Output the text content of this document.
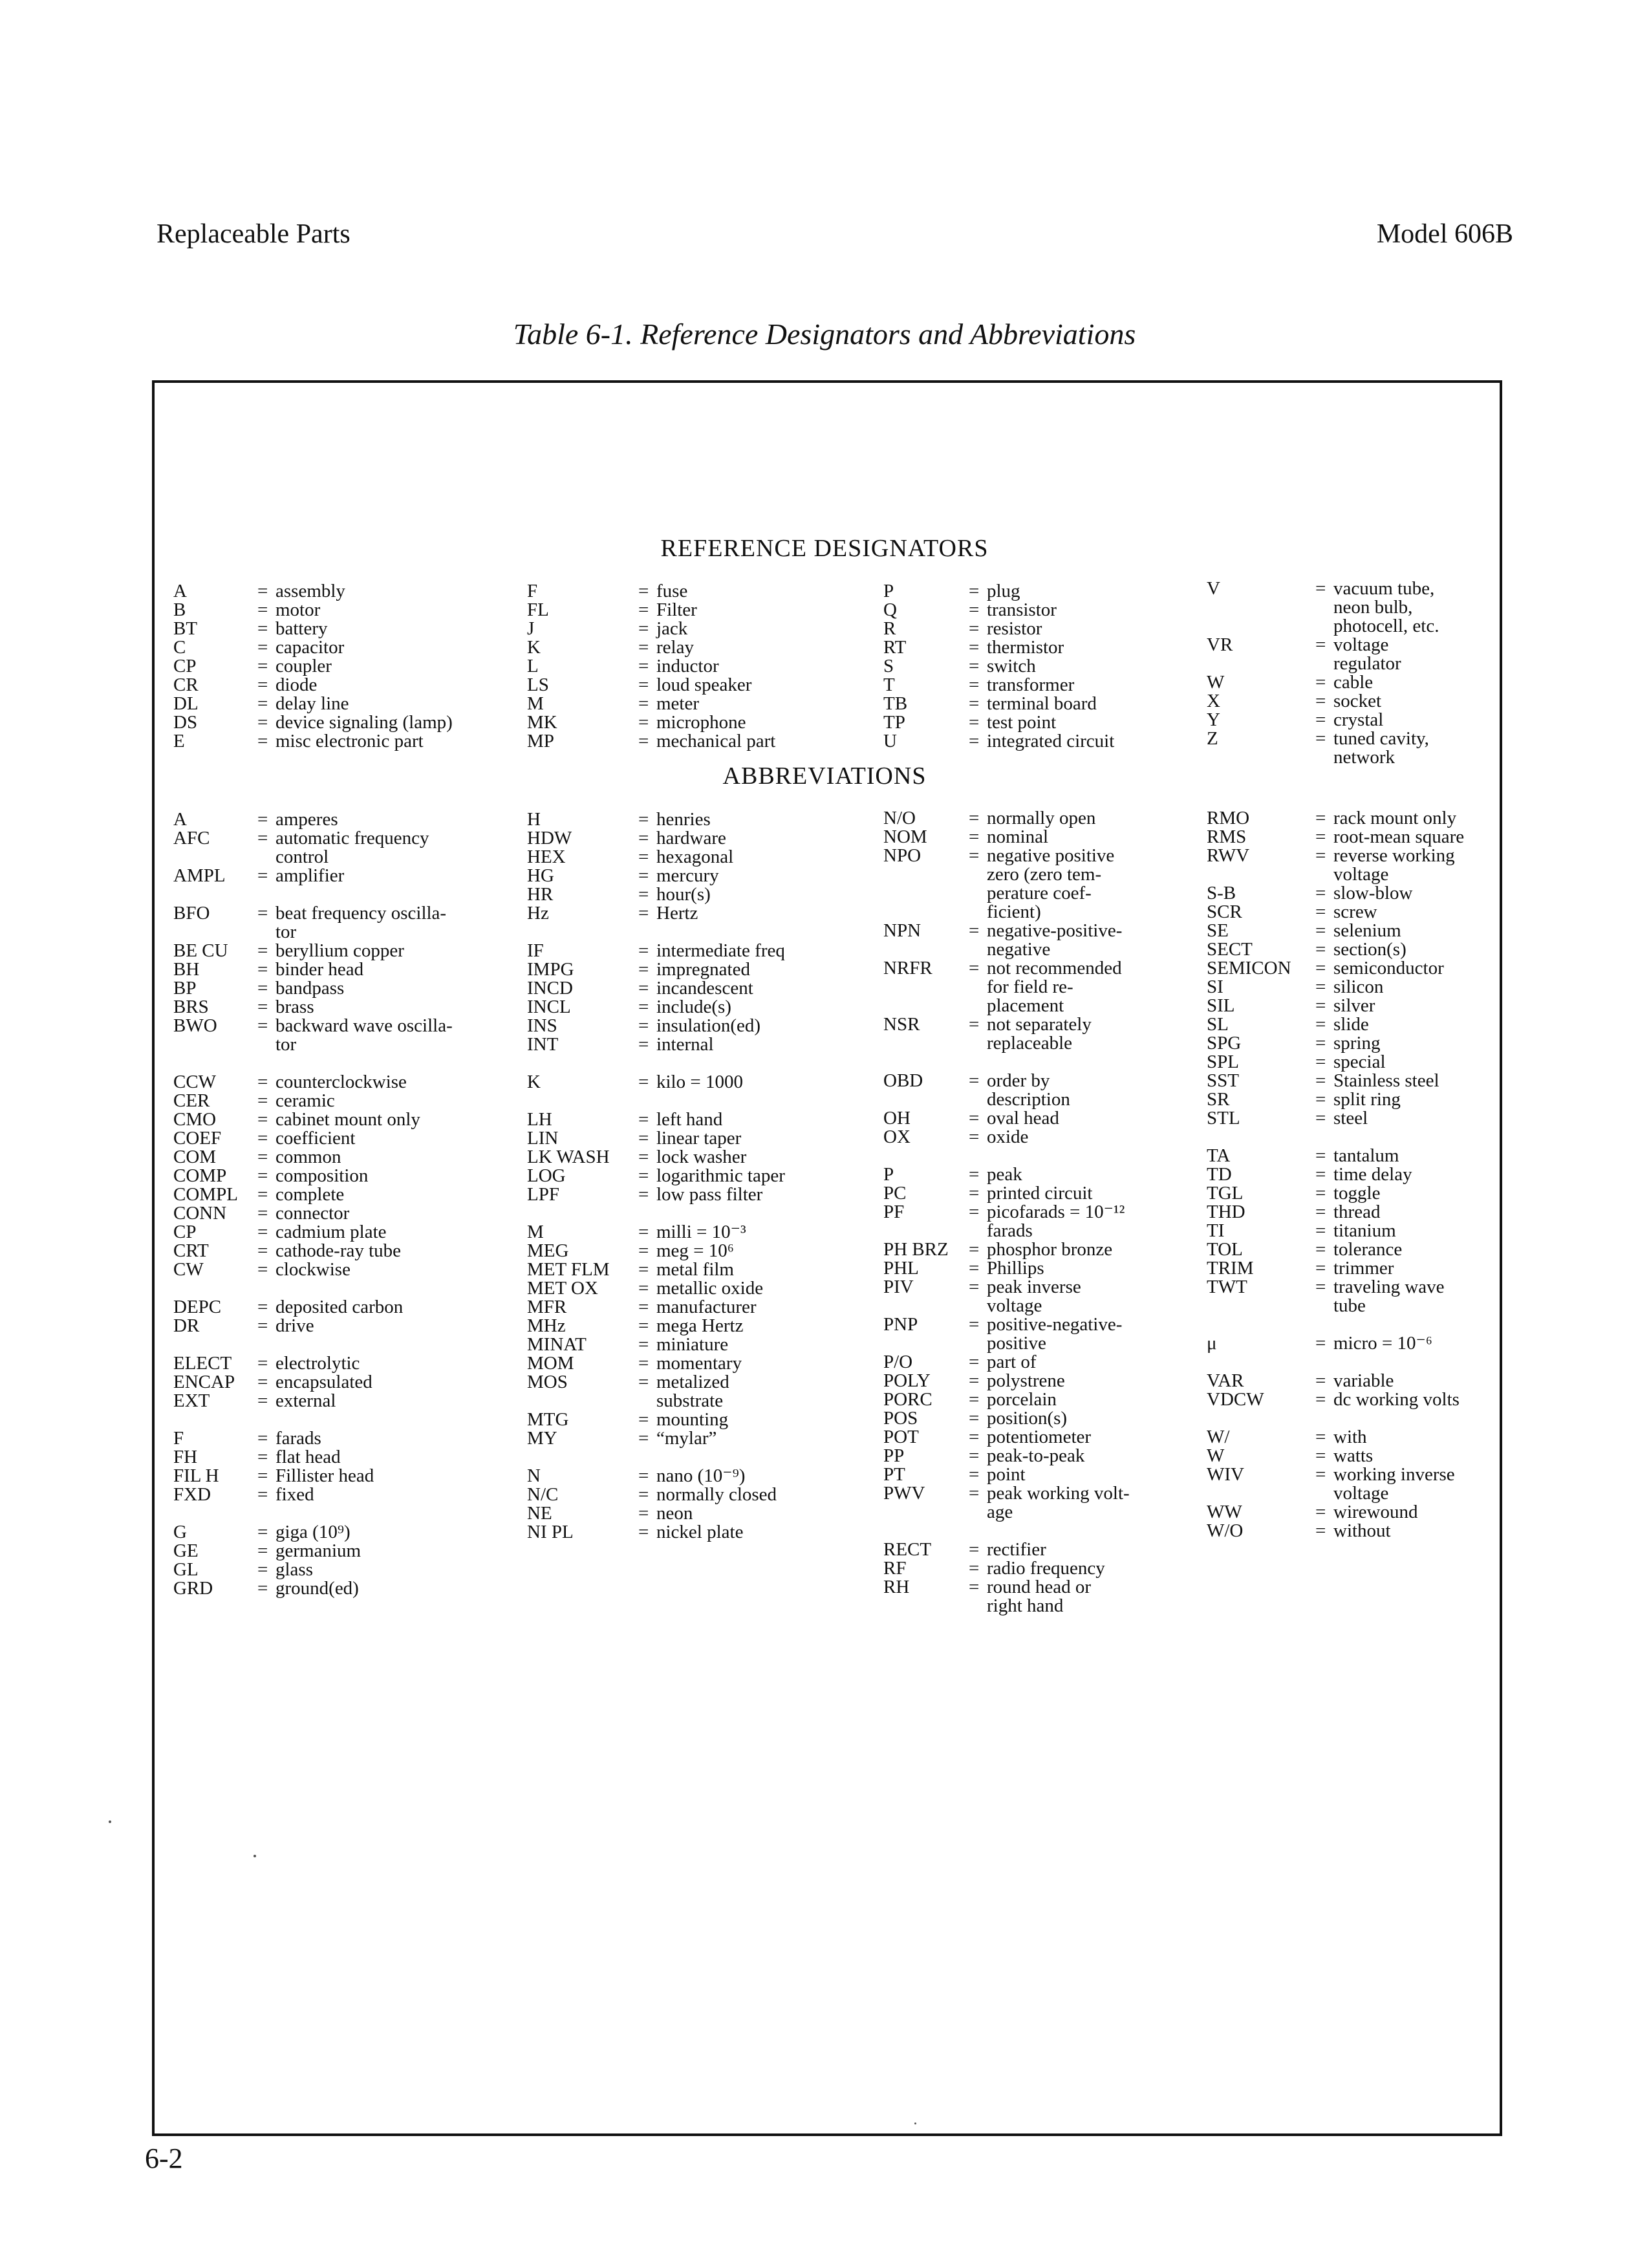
Replaceable Parts	Model 606B
Table 6-1. Reference Designators and Abbreviations
REFERENCE DESIGNATORS
ABBREVIATIONS
A	= assembly
B	= motor
BT	= battery
C	= capacitor
CP	= coupler
CR	= diode
DL	= delay line
DS	= device signaling (lamp)
E	= misc electronic part
F	= fuse
FL	= Filter
J	= jack
K	= relay
L	= inductor
LS	= loud speaker
M	= meter
MK	= microphone
MP	= mechanical part
P	= plug
Q	= transistor
R	= resistor
RT	= thermistor
S	= switch
T	= transformer
TB	= terminal board
TP	= test point
U	= integrated circuit
V	= vacuum tube,
neon bulb,
photocell, etc.
VR	= voltage
regulator
W	= cable
X	= socket
Y	= crystal
Z	= tuned cavity,
network
A	= amperes
AFC	= automatic frequency
control
AMPL	= amplifier
BFO	= beat frequency oscilla-
tor
BE CU	= beryllium copper
BH	= binder head
BP	= bandpass
BRS	= brass
BWO	= backward wave oscilla-
tor
CCW	= counterclockwise
CER	= ceramic
CMO	= cabinet mount only
COEF	= coefficient
COM	= common
COMP	= composition
COMPL	= complete
CONN	= connector
CP	= cadmium plate
CRT	= cathode-ray tube
CW	= clockwise
DEPC	= deposited carbon
DR	= drive
ELECT	= electrolytic
ENCAP	= encapsulated
EXT	= external
F	= farads
FH	= flat head
FIL H	= Fillister head
FXD	= fixed
G	= giga (10⁹)
GE	= germanium
GL	= glass
GRD	= ground(ed)
H	= henries
HDW	= hardware
HEX	= hexagonal
HG	= mercury
HR	= hour(s)
Hz	= Hertz
IF	= intermediate freq
IMPG	= impregnated
INCD	= incandescent
INCL	= include(s)
INS	= insulation(ed)
INT	= internal
K	= kilo = 1000
LH	= left hand
LIN	= linear taper
LK WASH	= lock washer
LOG	= logarithmic taper
LPF	= low pass filter
M	= milli = 10⁻³
MEG	= meg = 10⁶
MET FLM	= metal film
MET OX	= metallic oxide
MFR	= manufacturer
MHz	= mega Hertz
MINAT	= miniature
MOM	= momentary
MOS	= metalized
substrate
MTG	= mounting
MY	= “mylar”
N	= nano (10⁻⁹)
N/C	= normally closed
NE	= neon
NI PL	= nickel plate
N/O	= normally open
NOM	= nominal
NPO	= negative positive
zero (zero tem-
perature coef-
ficient)
NPN	= negative-positive-
negative
NRFR	= not recommended
for field re-
placement
NSR	= not separately
replaceable
OBD	= order by
description
OH	= oval head
OX	= oxide
P	= peak
PC	= printed circuit
PF	= picofarads = 10⁻¹²
farads
PH BRZ	= phosphor bronze
PHL	= Phillips
PIV	= peak inverse
voltage
PNP	= positive-negative-
positive
P/O	= part of
POLY	= polystrene
PORC	= porcelain
POS	= position(s)
POT	= potentiometer
PP	= peak-to-peak
PT	= point
PWV	= peak working volt-
age
RECT	= rectifier
RF	= radio frequency
RH	= round head or
right hand
RMO	= rack mount only
RMS	= root-mean square
RWV	= reverse working
voltage
S-B	= slow-blow
SCR	= screw
SE	= selenium
SECT	= section(s)
SEMICON	= semiconductor
SI	= silicon
SIL	= silver
SL	= slide
SPG	= spring
SPL	= special
SST	= Stainless steel
SR	= split ring
STL	= steel
TA	= tantalum
TD	= time delay
TGL	= toggle
THD	= thread
TI	= titanium
TOL	= tolerance
TRIM	= trimmer
TWT	= traveling wave
tube
μ	= micro = 10⁻⁶
VAR	= variable
VDCW	= dc working volts
W/	= with
W	= watts
WIV	= working inverse
voltage
WW	= wirewound
W/O	= without
6-2
